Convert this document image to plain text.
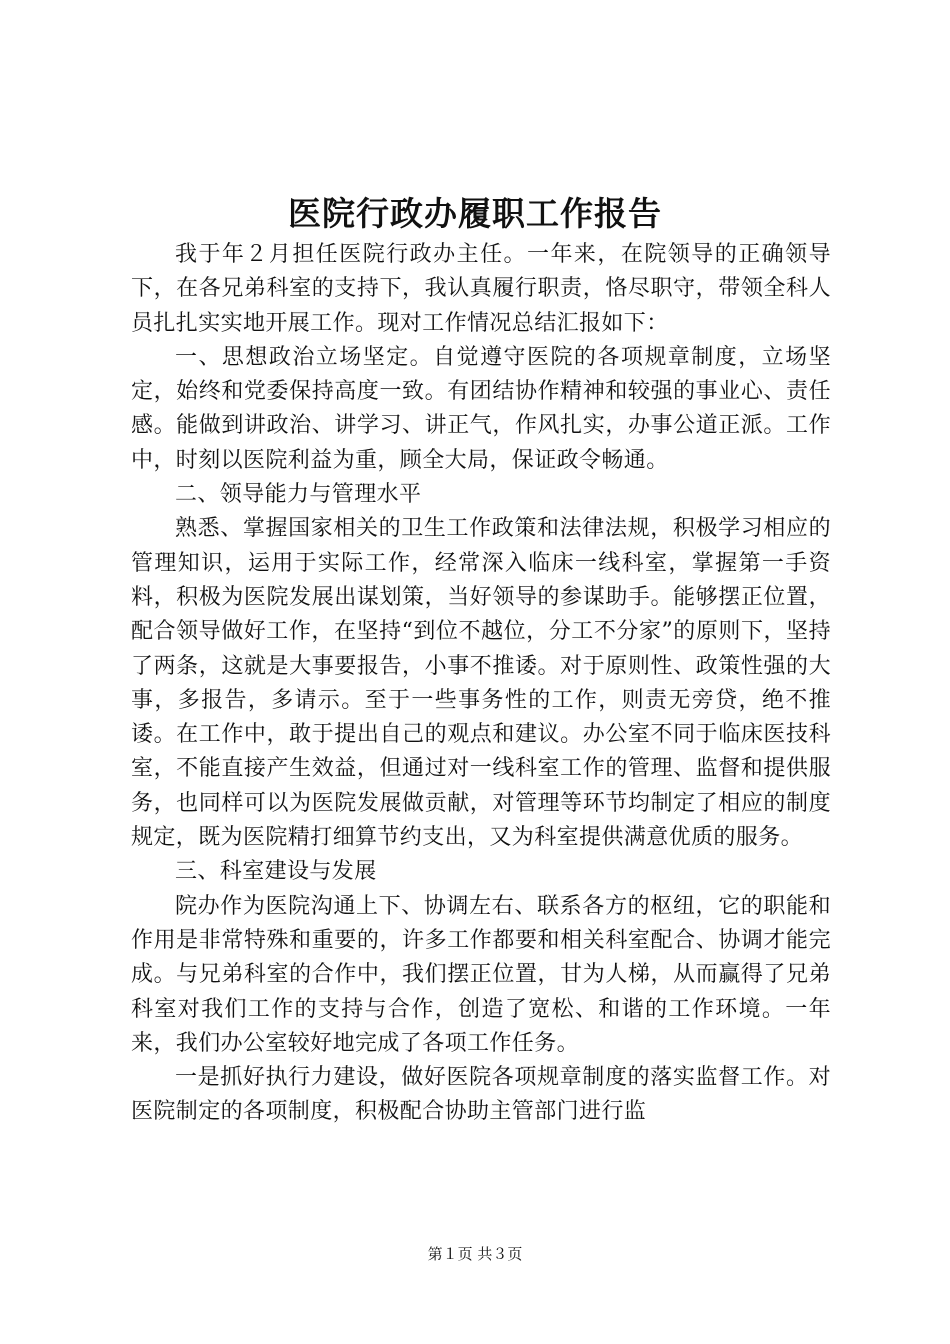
医院行政办履职工作报告

我于年２月担任医院行政办主任。一年来，在院领导的正确领导下，在各兄弟科室的支持下，我认真履行职责，恪尽职守，带领全科人员扎扎实实地开展工作。现对工作情况总结汇报如下：

一、思想政治立场坚定。自觉遵守医院的各项规章制度，立场坚定，始终和党委保持高度一致。有团结协作精神和较强的事业心、责任感。能做到讲政治、讲学习、讲正气，作风扎实，办事公道正派。工作中，时刻以医院利益为重，顾全大局，保证政令畅通。

二、领导能力与管理水平

熟悉、掌握国家相关的卫生工作政策和法律法规，积极学习相应的管理知识，运用于实际工作，经常深入临床一线科室，掌握第一手资料，积极为医院发展出谋划策，当好领导的参谋助手。能够摆正位置，配合领导做好工作，在坚持“到位不越位，分工不分家”的原则下，坚持了两条，这就是大事要报告，小事不推诿。对于原则性、政策性强的大事，多报告，多请示。至于一些事务性的工作，则责无旁贷，绝不推诿。在工作中，敢于提出自己的观点和建议。办公室不同于临床医技科室，不能直接产生效益，但通过对一线科室工作的管理、监督和提供服务，也同样可以为医院发展做贡献，对管理等环节均制定了相应的制度规定，既为医院精打细算节约支出，又为科室提供满意优质的服务。

三、科室建设与发展

院办作为医院沟通上下、协调左右、联系各方的枢纽，它的职能和作用是非常特殊和重要的，许多工作都要和相关科室配合、协调才能完成。与兄弟科室的合作中，我们摆正位置，甘为人梯，从而赢得了兄弟科室对我们工作的支持与合作，创造了宽松、和谐的工作环境。一年来，我们办公室较好地完成了各项工作任务。

一是抓好执行力建设，做好医院各项规章制度的落实监督工作。对医院制定的各项制度，积极配合协助主管部门进行监

第１页 共３页
